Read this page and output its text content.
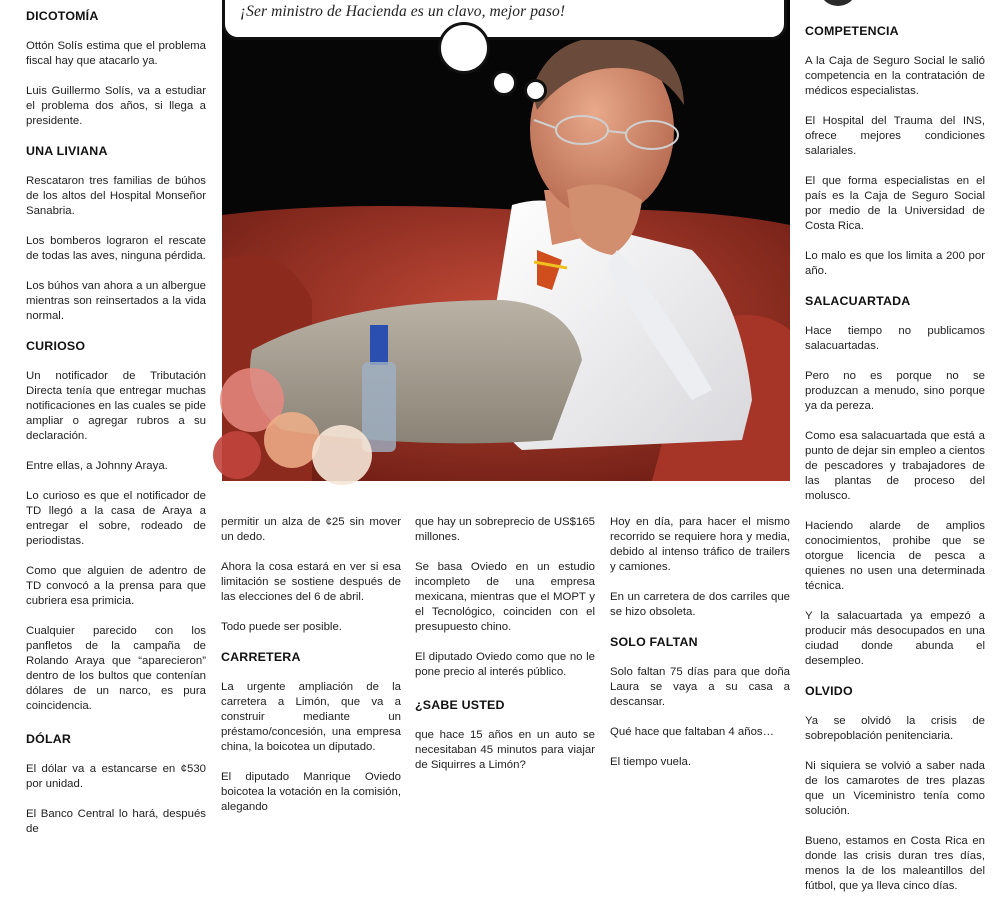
DICOTOMÍA

Ottón Solís estima que el problema fiscal hay que atacarlo ya.

Luis Guillermo Solís, va a estudiar el problema dos años, si llega a presidente.

UNA LIVIANA

Rescataron tres familias de búhos de los altos del Hospital Monseñor Sanabria.

Los bomberos lograron el rescate de todas las aves, ninguna pérdida.

Los búhos van ahora a un albergue mientras son reinsertados a la vida normal.

CURIOSO

Un notificador de Tributación Directa tenía que entregar muchas notificaciones en las cuales se pide ampliar o agregar rubros a su declaración.

Entre ellas, a Johnny Araya.

Lo curioso es que el notificador de TD llegó a la casa de Araya a entregar el sobre, rodeado de periodistas.

Como que alguien de adentro de TD convocó a la prensa para que cubriera esa primicia.

Cualquier parecido con los panfletos de la campaña de Rolando Araya que “aparecieron” dentro de los bultos que contenían dólares de un narco, es pura coincidencia.

DÓLAR

El dólar va a estancarse en ¢530 por unidad.

El Banco Central lo hará, después de

¡Ser ministro de Hacienda es un clavo, mejor paso!

permitir un alza de ¢25 sin mover un dedo.

Ahora la cosa estará en ver si esa limitación se sostiene después de las elecciones del 6 de abril.

Todo puede ser posible.

CARRETERA

La urgente ampliación de la carretera a Limón, que va a construir mediante un préstamo/concesión, una empresa china, la boicotea un diputado.

El diputado Manrique Oviedo boicotea la votación en la comisión, alegando

que hay un sobreprecio de US$165 millones.

Se basa Oviedo en un estudio incompleto de una empresa mexicana, mientras que el MOPT y el Tecnológico, coinciden con el presupuesto chino.

El diputado Oviedo como que no le pone precio al interés público.

¿SABE USTED

que hace 15 años en un auto se necesitaban 45 minutos para viajar de Siquirres a Limón?

Hoy en día, para hacer el mismo recorrido se requiere hora y media, debido al intenso tráfico de trailers y camiones.

En un carretera de dos carriles que se hizo obsoleta.

SOLO FALTAN

Solo faltan 75 días para que doña Laura se vaya a su casa a descansar.

Qué hace que faltaban 4 años…

El tiempo vuela.

COMPETENCIA

A la Caja de Seguro Social le salió competencia en la contratación de médicos especialistas.

El Hospital del Trauma del INS, ofrece mejores condiciones salariales.

El que forma especialistas en el país es la Caja de Seguro Social por medio de la Universidad de Costa Rica.

Lo malo es que los limita a 200 por año.

SALACUARTADA

Hace tiempo no publicamos salacuartadas.

Pero no es porque no se produzcan a menudo, sino porque ya da pereza.

Como esa salacuartada que está a punto de dejar sin empleo a cientos de pescadores y trabajadores de las plantas de proceso del molusco.

Haciendo alarde de amplios conocimientos, prohibe que se otorgue licencia de pesca a quienes no usen una determinada técnica.

Y la salacuartada ya empezó a producir más desocupados en una ciudad donde abunda el desempleo.

OLVIDO

Ya se olvidó la crisis de sobrepoblación penitenciaria.

Ni siquiera se volvió a saber nada de los camarotes de tres plazas que un Viceministro tenía como solución.

Bueno, estamos en Costa Rica en donde las crisis duran tres días, menos la de los maleantillos del fútbol, que ya lleva cinco días.
